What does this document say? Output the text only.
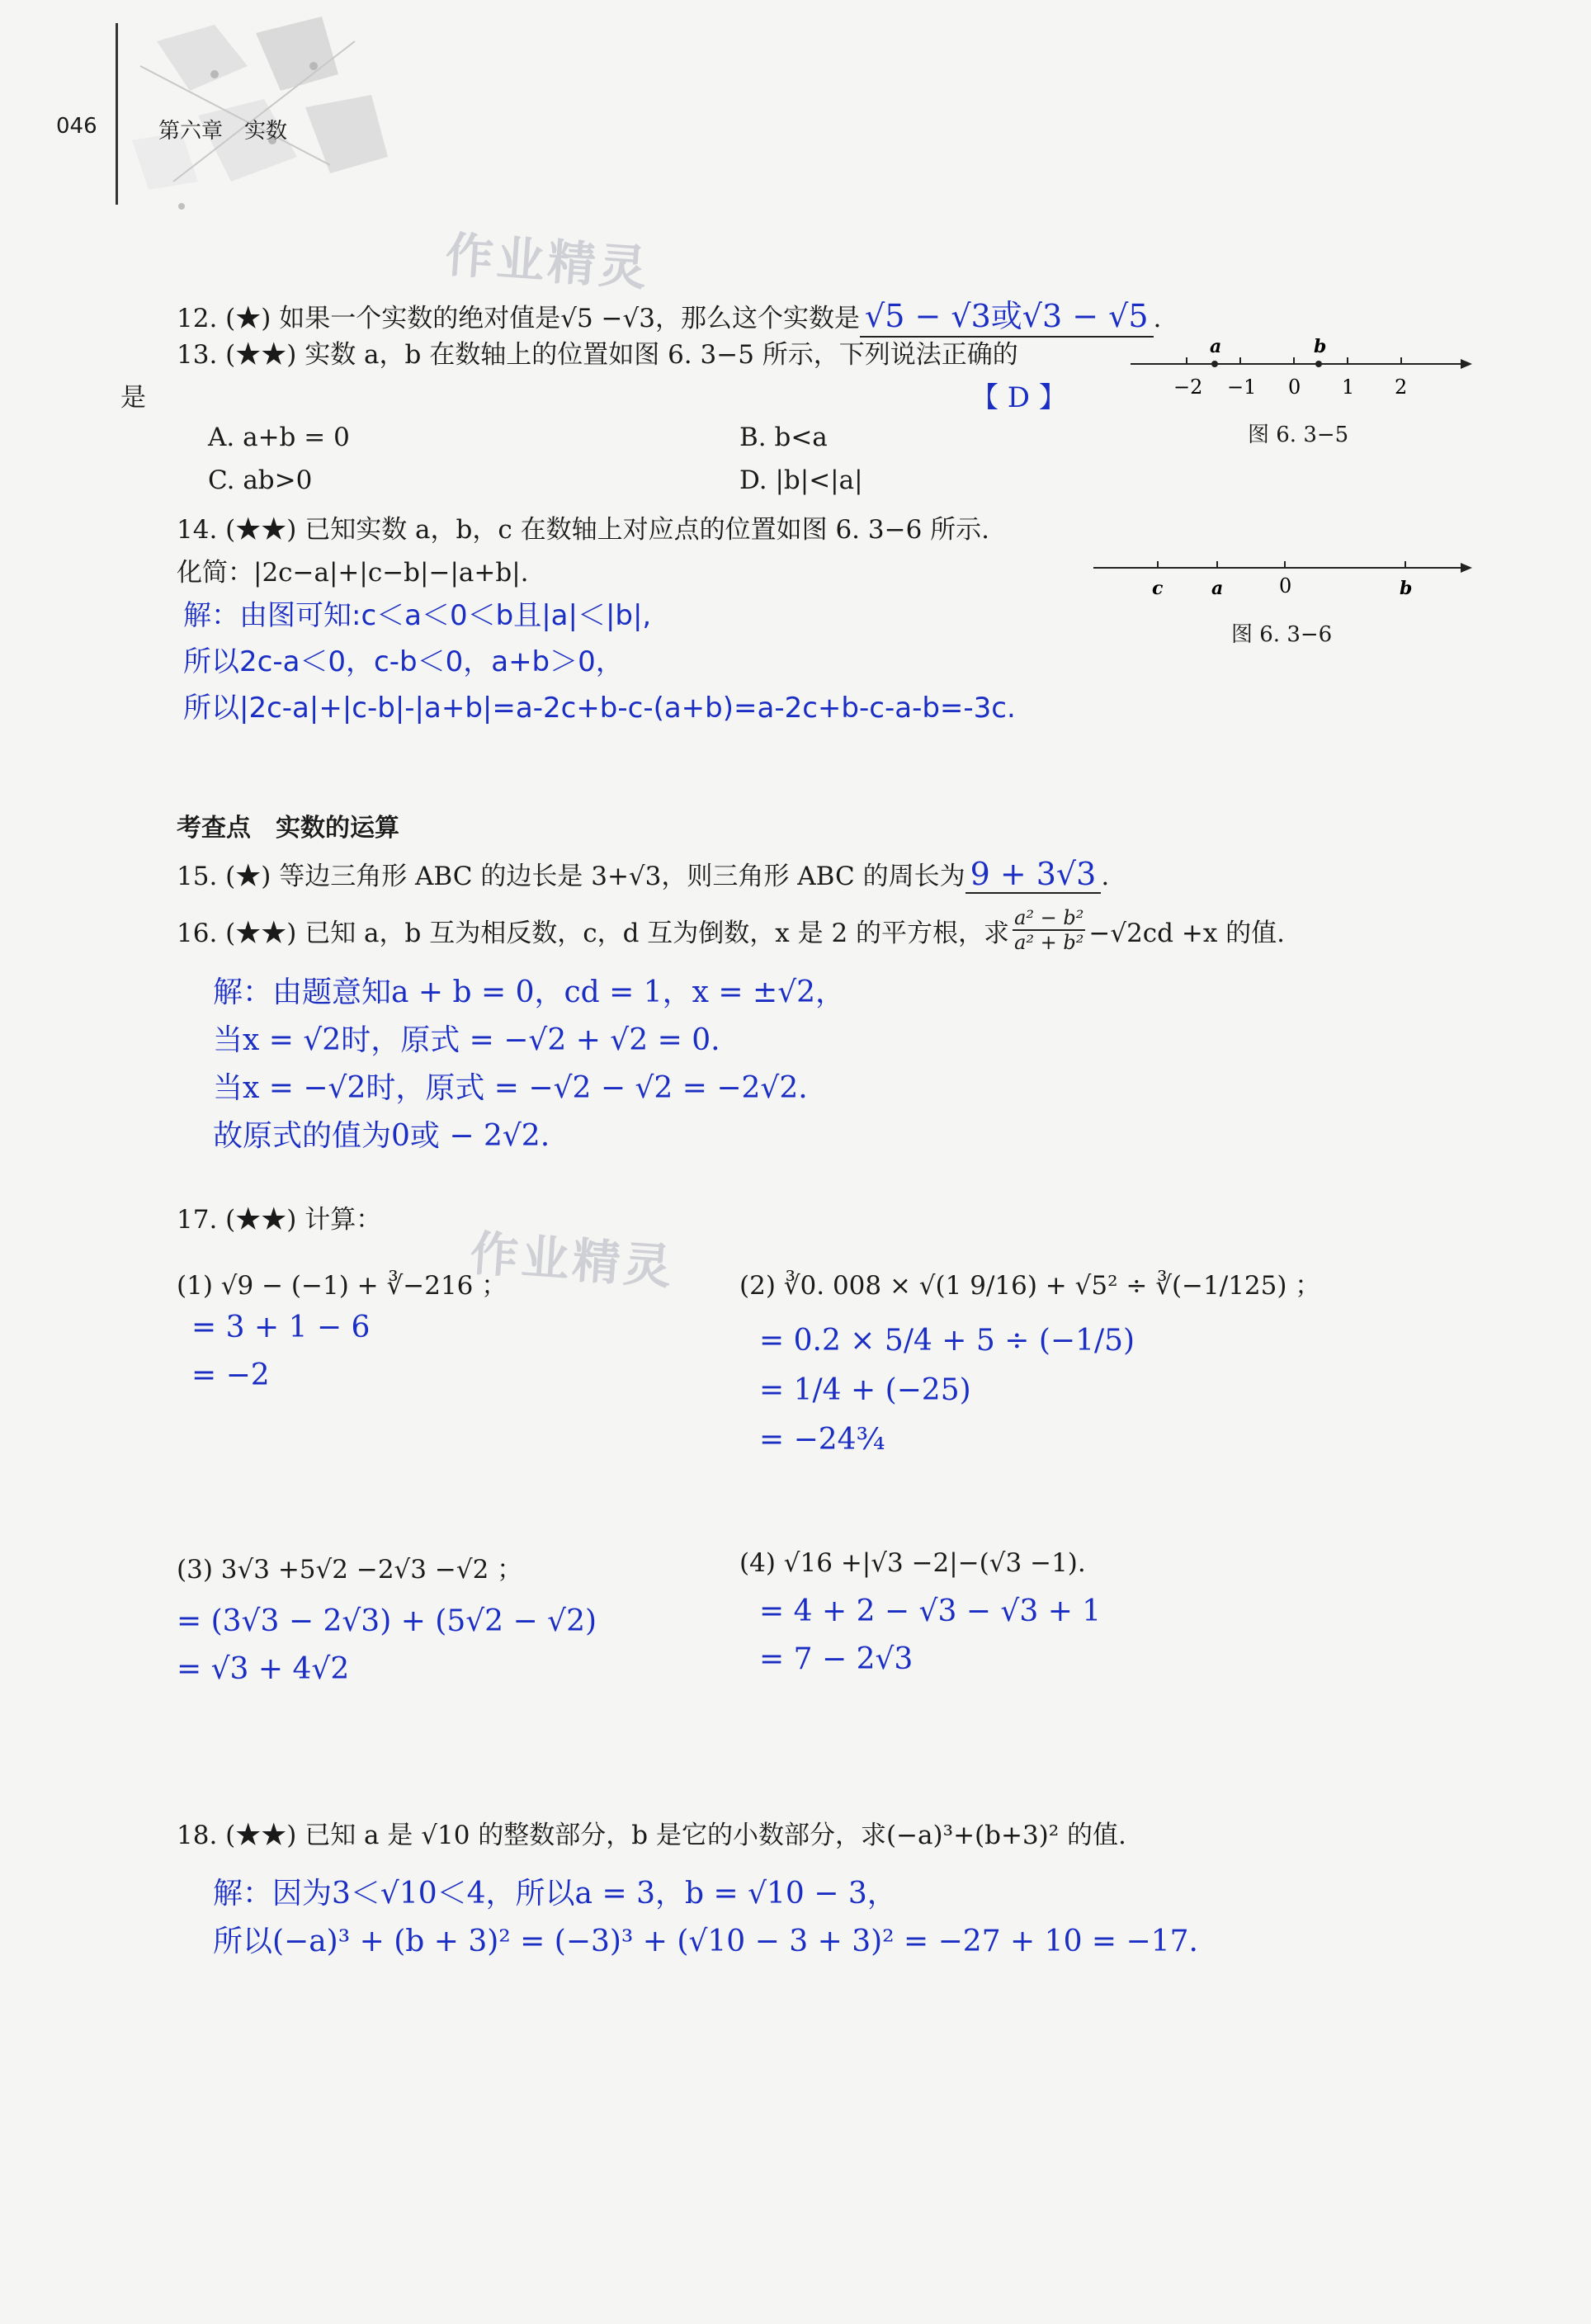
046	第六章　实数
作业精灵
作业精灵
12. (★) 如果一个实数的绝对值是√5 −√3，那么这个实数是 √5 − √3或√3 − √5 .
13. (★★) 实数 a，b 在数轴上的位置如图 6. 3−5 所示，下列说法正确的
是	【 D 】
A. a+b = 0	B. b<a
C. ab>0	D. |b|<|a|
−2 −1 0 1 2
a	b
图 6. 3−5
14. (★★) 已知实数 a，b，c 在数轴上对应点的位置如图 6. 3−6 所示.
化简：|2c−a|+|c−b|−|a+b|.
解：由图可知:c＜a＜0＜b且|a|＜|b|,
所以2c-a＜0，c-b＜0，a+b＞0，
所以|2c-a|+|c-b|-|a+b|=a-2c+b-c-(a+b)=a-2c+b-c-a-b=-3c.
c	a	0	b
图 6. 3−6
考查点　实数的运算
15. (★) 等边三角形 ABC 的边长是 3+√3，则三角形 ABC 的周长为 9 + 3√3 .
16. (★★) 已知 a，b 互为相反数，c，d 互为倒数，x 是 2 的平方根，求
a² − b²
a² + b² −√2cd +x 的值.
解：由题意知a + b = 0，cd = 1，x = ±√2，
当x = √2时，原式 = −√2 + √2 = 0.
当x = −√2时，原式 = −√2 − √2 = −2√2.
故原式的值为0或 − 2√2.
17. (★★) 计算：
(1) √9 − (−1) + ∛−216 ；
= 3 + 1 − 6
= −2
(2) ∛0. 008 × √(1 9/16) + √5² ÷ ∛(−1/125) ；
= 0.2 × 5/4 + 5 ÷ (−1/5)
= 1/4 + (−25)
= −24¾
(3) 3√3 +5√2 −2√3 −√2 ；
= (3√3 − 2√3) + (5√2 − √2)
= √3 + 4√2
(4) √16 +|√3 −2|−(√3 −1).
= 4 + 2 − √3 − √3 + 1
= 7 − 2√3
18. (★★) 已知 a 是 √10 的整数部分，b 是它的小数部分，求(−a)³+(b+3)² 的值.
解：因为3＜√10＜4，所以a = 3，b = √10 − 3，
所以(−a)³ + (b + 3)² = (−3)³ + (√10 − 3 + 3)² = −27 + 10 = −17.
